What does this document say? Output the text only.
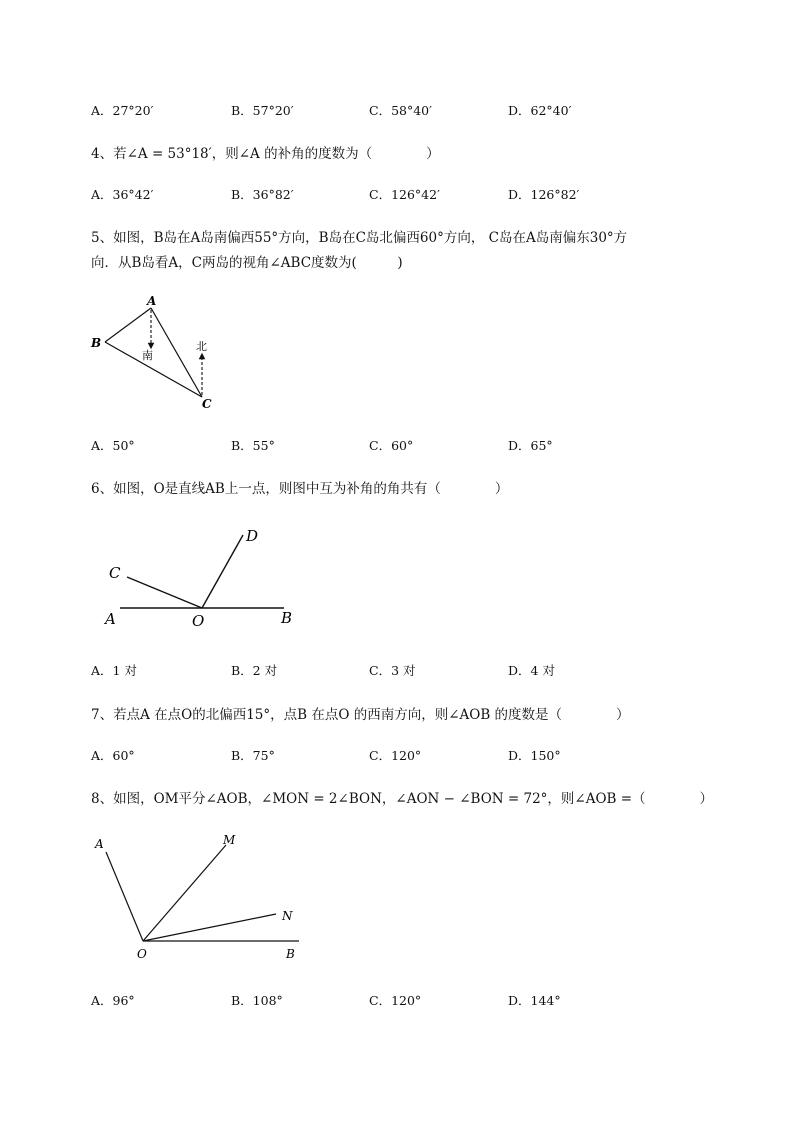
A．27°20′	B．57°20′	C．58°40′	D．62°40′
4、若∠A = 53°18′，则∠A 的补角的度数为（　　　　）
A．36°42′	B．36°82′	C．126°42′	D．126°82′
5、如图，B岛在A岛南偏西55°方向，B岛在C岛北偏西60°方向， C岛在A岛南偏东30°方
向．从B岛看A，C两岛的视角∠ABC度数为(　　　)
A
B
C
南
北
A．50°	B．55°	C．60°	D．65°
6、如图，O是直线AB上一点，则图中互为补角的角共有（　　　　）
A	B
C
D
O
A．1 对	B．2 对	C．3 对	D．4 对
7、若点A 在点O的北偏西15°，点B 在点O 的西南方向，则∠AOB 的度数是（　　　　）
A．60°	B．75°	C．120°	D．150°
8、如图，OM平分∠AOB，∠MON = 2∠BON，∠AON − ∠BON = 72°，则∠AOB =（　　　　）
A	M
N
O	B
A．96°	B．108°	C．120°	D．144°
